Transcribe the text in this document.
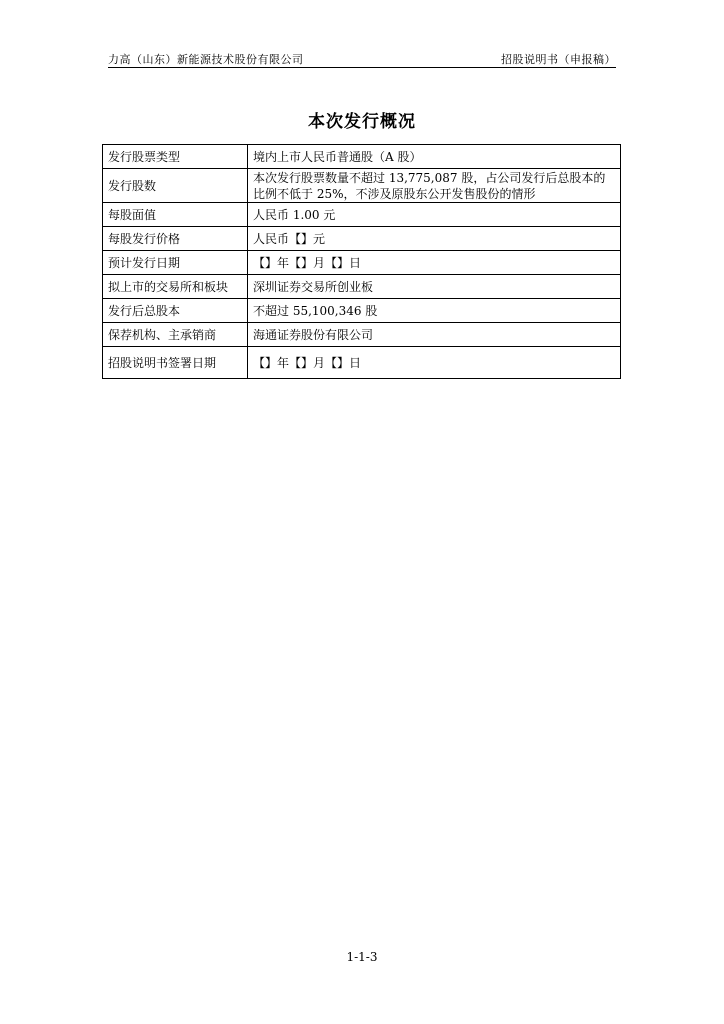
力高（山东）新能源技术股份有限公司	招股说明书（申报稿）
本次发行概况
发行股票类型	境内上市人民币普通股（A 股）
发行股数	本次发行股票数量不超过 13,775,087 股，占公司发行后总股本的比例不低于 25%，不涉及原股东公开发售股份的情形
每股面值	人民币 1.00 元
每股发行价格	人民币【】元
预计发行日期	【】年【】月【】日
拟上市的交易所和板块	深圳证券交易所创业板
发行后总股本	不超过 55,100,346 股
保荐机构、主承销商	海通证券股份有限公司
招股说明书签署日期	【】年【】月【】日
1-1-3
